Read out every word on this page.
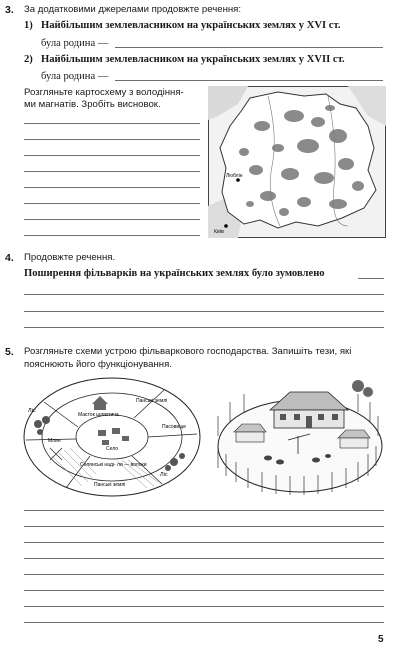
3. За додатковими джерелами продовжте речення:
1) Найбільшим землевласником на українських землях у XVI ст.
була родина —
2) Найбільшим землевласником на українських землях у XVII ст.
була родина —
Розгляньте картосхему з володіння-
ми магнатів. Зробіть висновок.
Люблін
Київ
4. Продовжте речення.
Поширення фільварків на українських землях було зумовлено
5. Розгляньте схеми устрою фільваркового господарства. Запишіть тези, які
пояснюють його функціонування.
Ліс
Млин
Маєток шляхтича
Панські землі
Пасовище
Село
Селянські наді- ли — волоки
Ліс
Панські землі
5
